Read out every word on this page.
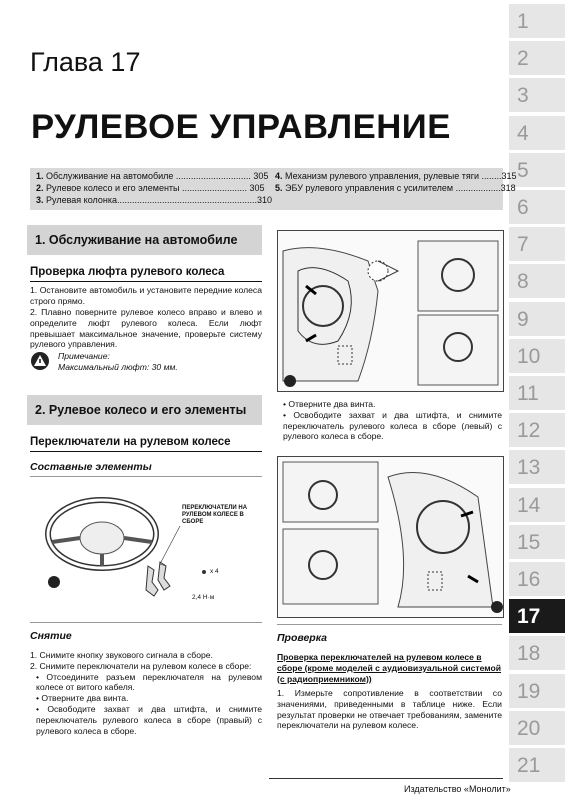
1
2
3
4
5
6
7
8
9
10
11
12
13
14
15
16
17
18
19
20
21
Глава 17
РУЛЕВОЕ УПРАВЛЕНИЕ
1. Обслуживание на автомобиле .............................. 305
2. Рулевое колесо и его элементы .......................... 305
3. Рулевая колонка........................................................310
4. Механизм рулевого управления, рулевые тяги ........315
5. ЭБУ рулевого управления с усилителем ..................318
1. Обслуживание на автомобиле
Проверка люфта рулевого колеса
1. Остановите автомобиль и установите передние колеса строго прямо.
2. Плавно поверните рулевое колесо вправо и влево и определите люфт рулевого колеса. Если люфт превышает максимальное значение, проверьте систему рулевого управления.
Примечание:
Максимальный люфт: 30 мм.
2. Рулевое колесо и его элементы
Переключатели на рулевом колесе
Составные элементы
ПЕРЕКЛЮЧАТЕЛИ НА РУЛЕВОМ КОЛЕСЕ В СБОРЕ
x 4
2,4 Н·м
Снятие
1. Снимите кнопку звукового сигнала в сборе.
2. Снимите переключатели на рулевом колесе в сборе:
• Отсоедините разъем переключателя на рулевом колесе от витого кабеля.
• Отверните два винта.
• Освободите захват и два штифта, и снимите переключатель рулевого колеса в сборе (правый) с рулевого колеса в сборе.
• Отверните два винта.
• Освободите захват и два штифта, и снимите переключатель рулевого колеса в сборе (левый) с рулевого колеса в сборе.
Проверка
Проверка переключателей на рулевом колесе в сборе (кроме моделей с аудиовизуальной системой (с радиоприемником))
1. Измерьте сопротивление в соответствии со значениями, приведенными в таблице ниже. Если результат проверки не отвечает требованиям, замените переключатели на рулевом колесе.
Издательство «Монолит»
